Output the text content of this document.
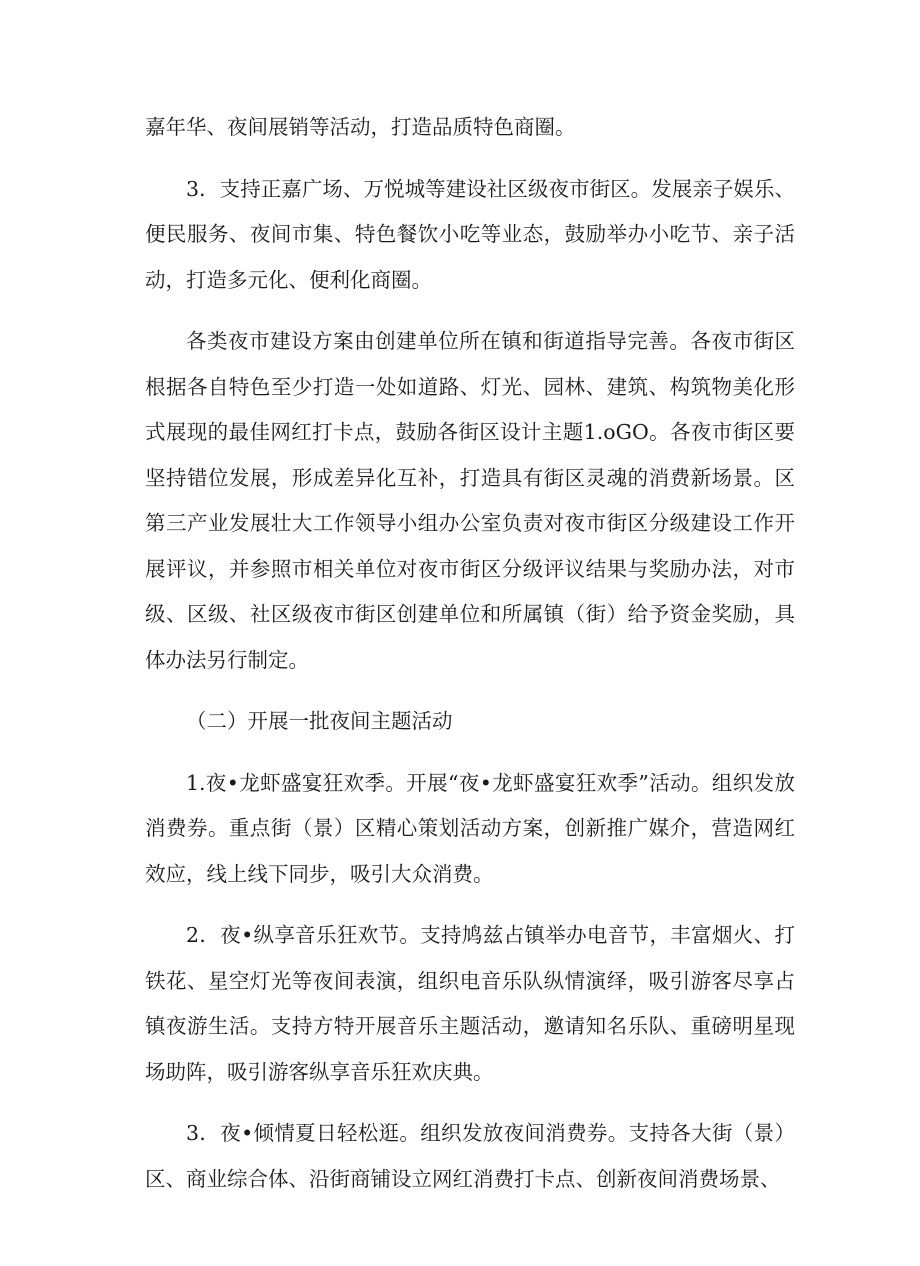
嘉年华、夜间展销等活动，打造品质特色商圈。

3．支持正嘉广场、万悦城等建设社区级夜市街区。发展亲子娱乐、便民服务、夜间市集、特色餐饮小吃等业态，鼓励举办小吃节、亲子活动，打造多元化、便利化商圈。

各类夜市建设方案由创建单位所在镇和街道指导完善。各夜市街区根据各自特色至少打造一处如道路、灯光、园林、建筑、构筑物美化形式展现的最佳网红打卡点，鼓励各街区设计主题1.oGO。各夜市街区要坚持错位发展，形成差异化互补，打造具有街区灵魂的消费新场景。区第三产业发展壮大工作领导小组办公室负责对夜市街区分级建设工作开展评议，并参照市相关单位对夜市街区分级评议结果与奖励办法，对市级、区级、社区级夜市街区创建单位和所属镇（街）给予资金奖励，具体办法另行制定。

（二）开展一批夜间主题活动

1.夜•龙虾盛宴狂欢季。开展“夜•龙虾盛宴狂欢季”活动。组织发放消费券。重点街（景）区精心策划活动方案，创新推广媒介，营造网红效应，线上线下同步，吸引大众消费。

2．夜•纵享音乐狂欢节。支持鸠兹占镇举办电音节，丰富烟火、打铁花、星空灯光等夜间表演，组织电音乐队纵情演绎，吸引游客尽享占镇夜游生活。支持方特开展音乐主题活动，邀请知名乐队、重磅明星现场助阵，吸引游客纵享音乐狂欢庆典。

3．夜•倾情夏日轻松逛。组织发放夜间消费券。支持各大街（景）区、商业综合体、沿街商铺设立网红消费打卡点、创新夜间消费场景、
